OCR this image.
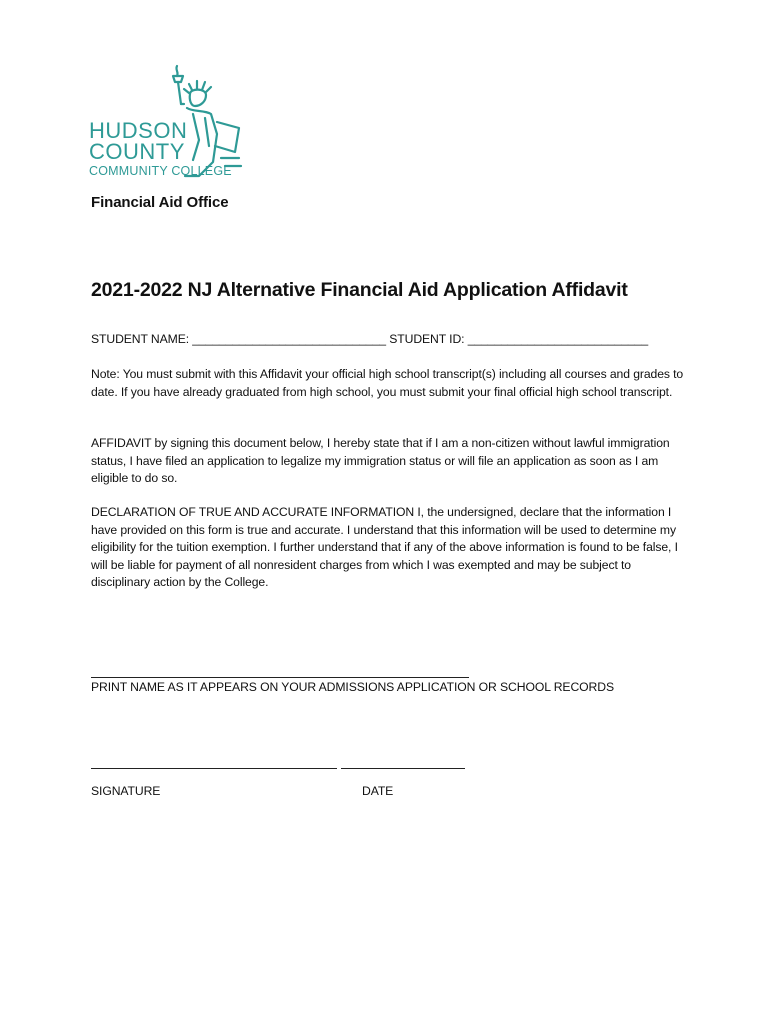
HUDSON
COUNTY
COMMUNITY COLLEGE
Financial Aid Office
2021-2022 NJ Alternative Financial Aid Application Affidavit
STUDENT NAME: _____________________________ STUDENT ID: ___________________________

Note: You must submit with this Affidavit your official high school transcript(s) including all courses and grades to date. If you have already graduated from high school, you must submit your final official high school transcript.

AFFIDAVIT by signing this document below, I hereby state that if I am a non-citizen without lawful immigration status, I have filed an application to legalize my immigration status or will file an application as soon as I am eligible to do so.

DECLARATION OF TRUE AND ACCURATE INFORMATION I, the undersigned, declare that the information I have provided on this form is true and accurate. I understand that this information will be used to determine my eligibility for the tuition exemption. I further understand that if any of the above information is found to be false, I will be liable for payment of all nonresident charges from which I was exempted and may be subject to disciplinary action by the College.

PRINT NAME AS IT APPEARS ON YOUR ADMISSIONS APPLICATION OR SCHOOL RECORDS
SIGNATURE	DATE
